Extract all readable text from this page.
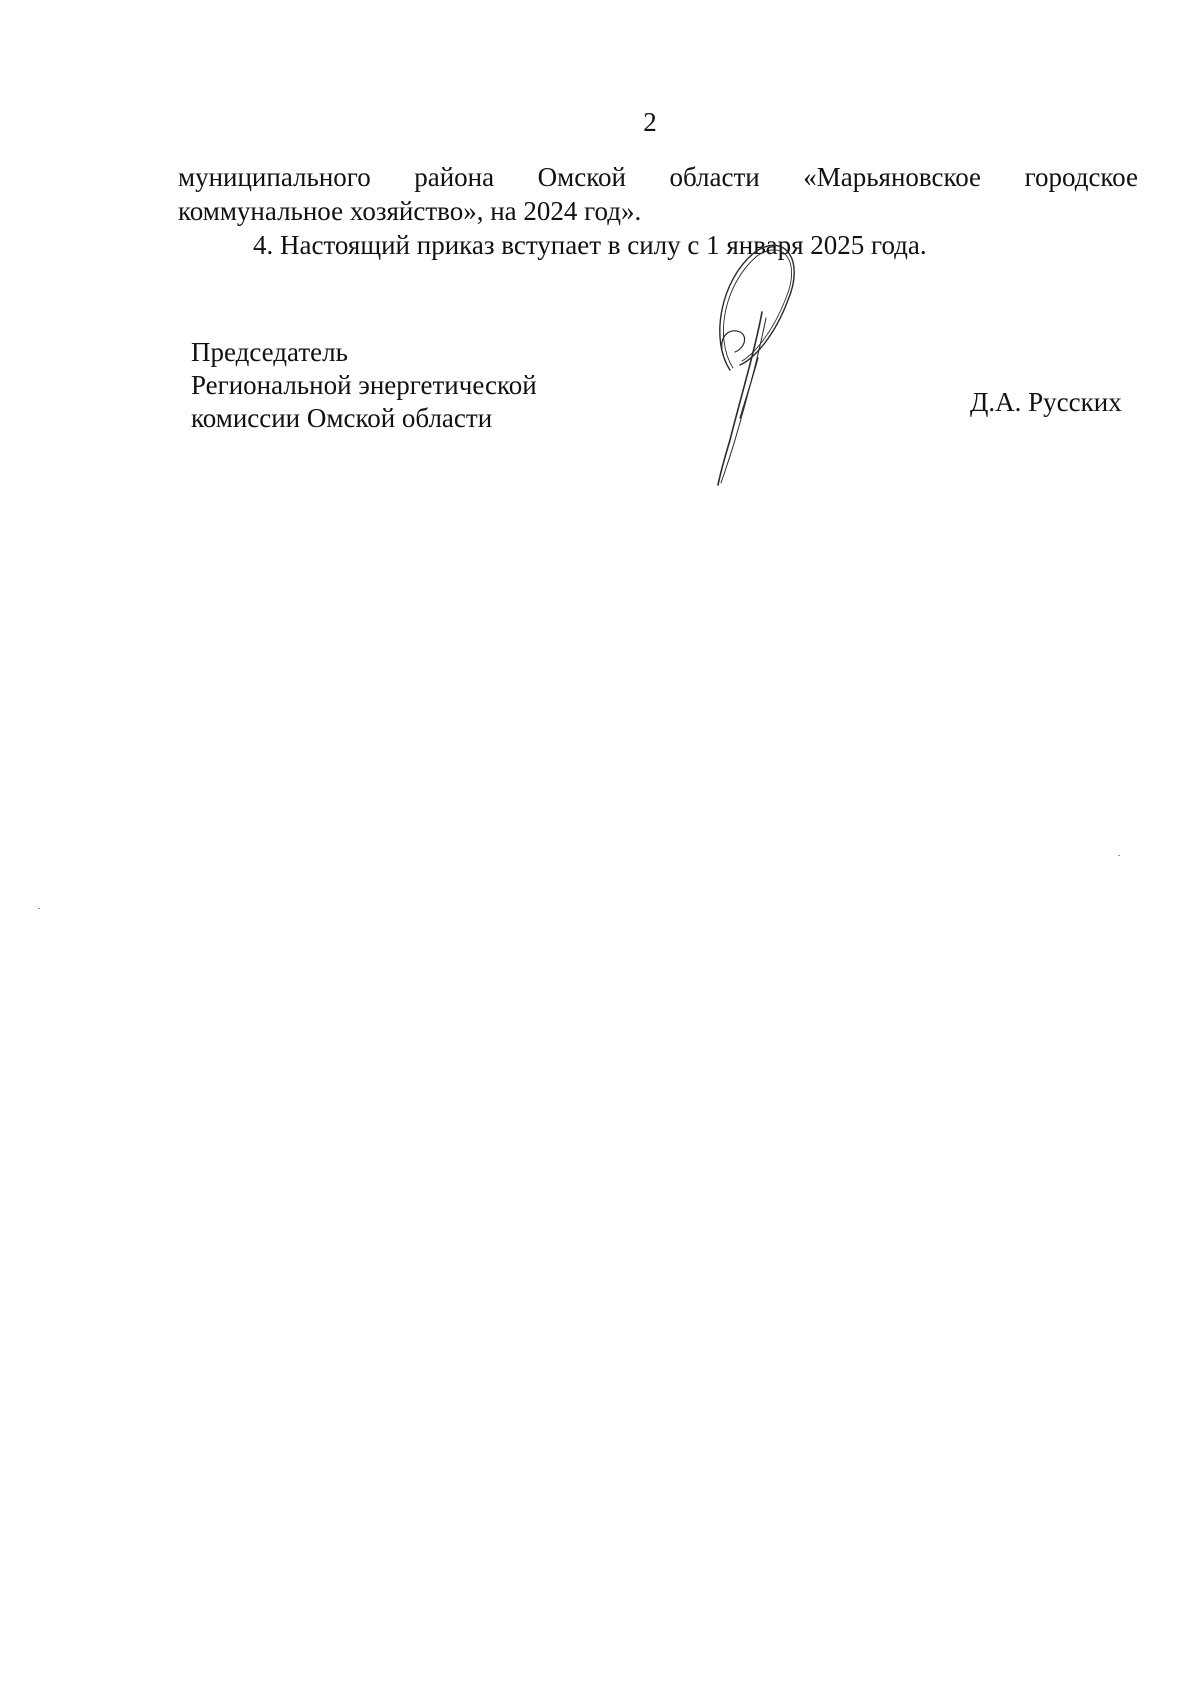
2
муниципального района Омской области «Марьяновское городское
коммунальное хозяйство», на 2024 год».
4. Настоящий приказ вступает в силу с 1 января 2025 года.
Председатель
Региональной энергетической
комиссии Омской области
Д.А. Русских
